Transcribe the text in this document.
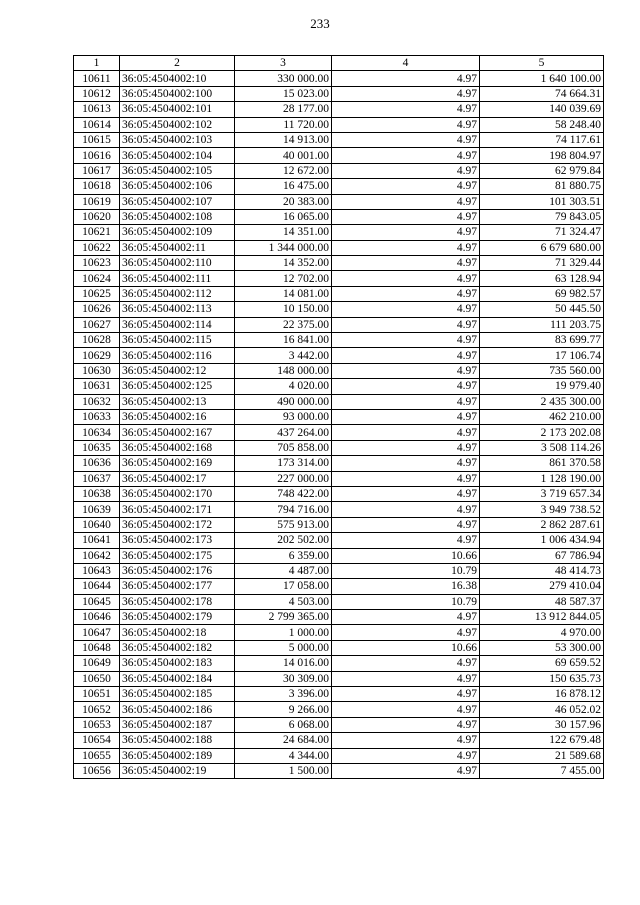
233
1	2	3	4	5
10611	36:05:4504002:10	330 000.00	4.97	1 640 100.00
10612	36:05:4504002:100	15 023.00	4.97	74 664.31
10613	36:05:4504002:101	28 177.00	4.97	140 039.69
10614	36:05:4504002:102	11 720.00	4.97	58 248.40
10615	36:05:4504002:103	14 913.00	4.97	74 117.61
10616	36:05:4504002:104	40 001.00	4.97	198 804.97
10617	36:05:4504002:105	12 672.00	4.97	62 979.84
10618	36:05:4504002:106	16 475.00	4.97	81 880.75
10619	36:05:4504002:107	20 383.00	4.97	101 303.51
10620	36:05:4504002:108	16 065.00	4.97	79 843.05
10621	36:05:4504002:109	14 351.00	4.97	71 324.47
10622	36:05:4504002:11	1 344 000.00	4.97	6 679 680.00
10623	36:05:4504002:110	14 352.00	4.97	71 329.44
10624	36:05:4504002:111	12 702.00	4.97	63 128.94
10625	36:05:4504002:112	14 081.00	4.97	69 982.57
10626	36:05:4504002:113	10 150.00	4.97	50 445.50
10627	36:05:4504002:114	22 375.00	4.97	111 203.75
10628	36:05:4504002:115	16 841.00	4.97	83 699.77
10629	36:05:4504002:116	3 442.00	4.97	17 106.74
10630	36:05:4504002:12	148 000.00	4.97	735 560.00
10631	36:05:4504002:125	4 020.00	4.97	19 979.40
10632	36:05:4504002:13	490 000.00	4.97	2 435 300.00
10633	36:05:4504002:16	93 000.00	4.97	462 210.00
10634	36:05:4504002:167	437 264.00	4.97	2 173 202.08
10635	36:05:4504002:168	705 858.00	4.97	3 508 114.26
10636	36:05:4504002:169	173 314.00	4.97	861 370.58
10637	36:05:4504002:17	227 000.00	4.97	1 128 190.00
10638	36:05:4504002:170	748 422.00	4.97	3 719 657.34
10639	36:05:4504002:171	794 716.00	4.97	3 949 738.52
10640	36:05:4504002:172	575 913.00	4.97	2 862 287.61
10641	36:05:4504002:173	202 502.00	4.97	1 006 434.94
10642	36:05:4504002:175	6 359.00	10.66	67 786.94
10643	36:05:4504002:176	4 487.00	10.79	48 414.73
10644	36:05:4504002:177	17 058.00	16.38	279 410.04
10645	36:05:4504002:178	4 503.00	10.79	48 587.37
10646	36:05:4504002:179	2 799 365.00	4.97	13 912 844.05
10647	36:05:4504002:18	1 000.00	4.97	4 970.00
10648	36:05:4504002:182	5 000.00	10.66	53 300.00
10649	36:05:4504002:183	14 016.00	4.97	69 659.52
10650	36:05:4504002:184	30 309.00	4.97	150 635.73
10651	36:05:4504002:185	3 396.00	4.97	16 878.12
10652	36:05:4504002:186	9 266.00	4.97	46 052.02
10653	36:05:4504002:187	6 068.00	4.97	30 157.96
10654	36:05:4504002:188	24 684.00	4.97	122 679.48
10655	36:05:4504002:189	4 344.00	4.97	21 589.68
10656	36:05:4504002:19	1 500.00	4.97	7 455.00
